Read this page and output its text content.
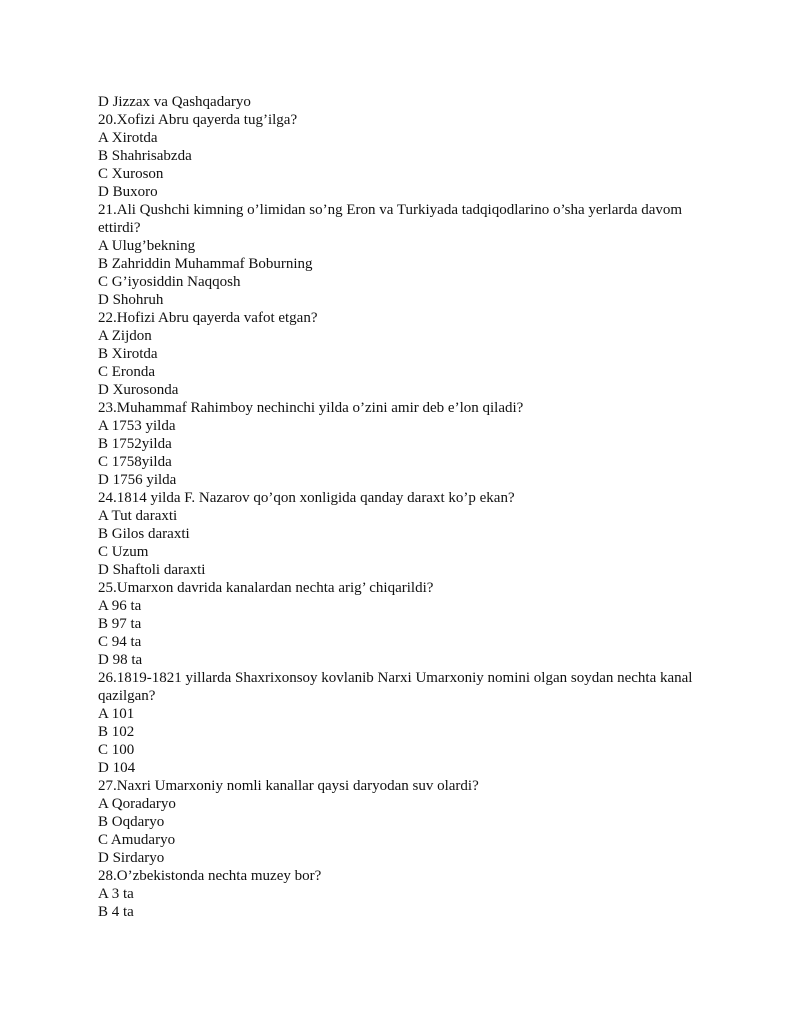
D Jizzax va Qashqadaryo
20.Xofizi Abru qayerda tug’ilga?
A Xirotda
B Shahrisabzda
C Xuroson
D Buxoro
21.Ali Qushchi kimning o’limidan so’ng Eron va Turkiyada tadqiqodlarino o’sha yerlarda davom ettirdi?
A Ulug’bekning
B Zahriddin Muhammaf Boburning
C G’iyosiddin Naqqosh
D Shohruh
22.Hofizi Abru qayerda vafot etgan?
A Zijdon
B Xirotda
C Eronda
D Xurosonda
23.Muhammaf Rahimboy nechinchi yilda o’zini amir deb e’lon qiladi?
A 1753 yilda
B 1752yilda
C 1758yilda
D 1756 yilda
24.1814 yilda F. Nazarov qo’qon xonligida qanday daraxt ko’p ekan?
A Tut daraxti
B Gilos daraxti
C Uzum
D Shaftoli daraxti
25.Umarxon davrida kanalardan nechta arig’ chiqarildi?
A 96 ta
B 97 ta
C 94 ta
D 98 ta
26.1819-1821 yillarda Shaxrixonsoy kovlanib Narxi Umarxoniy nomini olgan soydan nechta kanal qazilgan?
A 101
B 102
C 100
D 104
27.Naxri Umarxoniy nomli kanallar qaysi daryodan suv olardi?
A Qoradaryo
B Oqdaryo
C Amudaryo
D Sirdaryo
28.O’zbekistonda nechta muzey bor?
A 3 ta
B 4 ta
